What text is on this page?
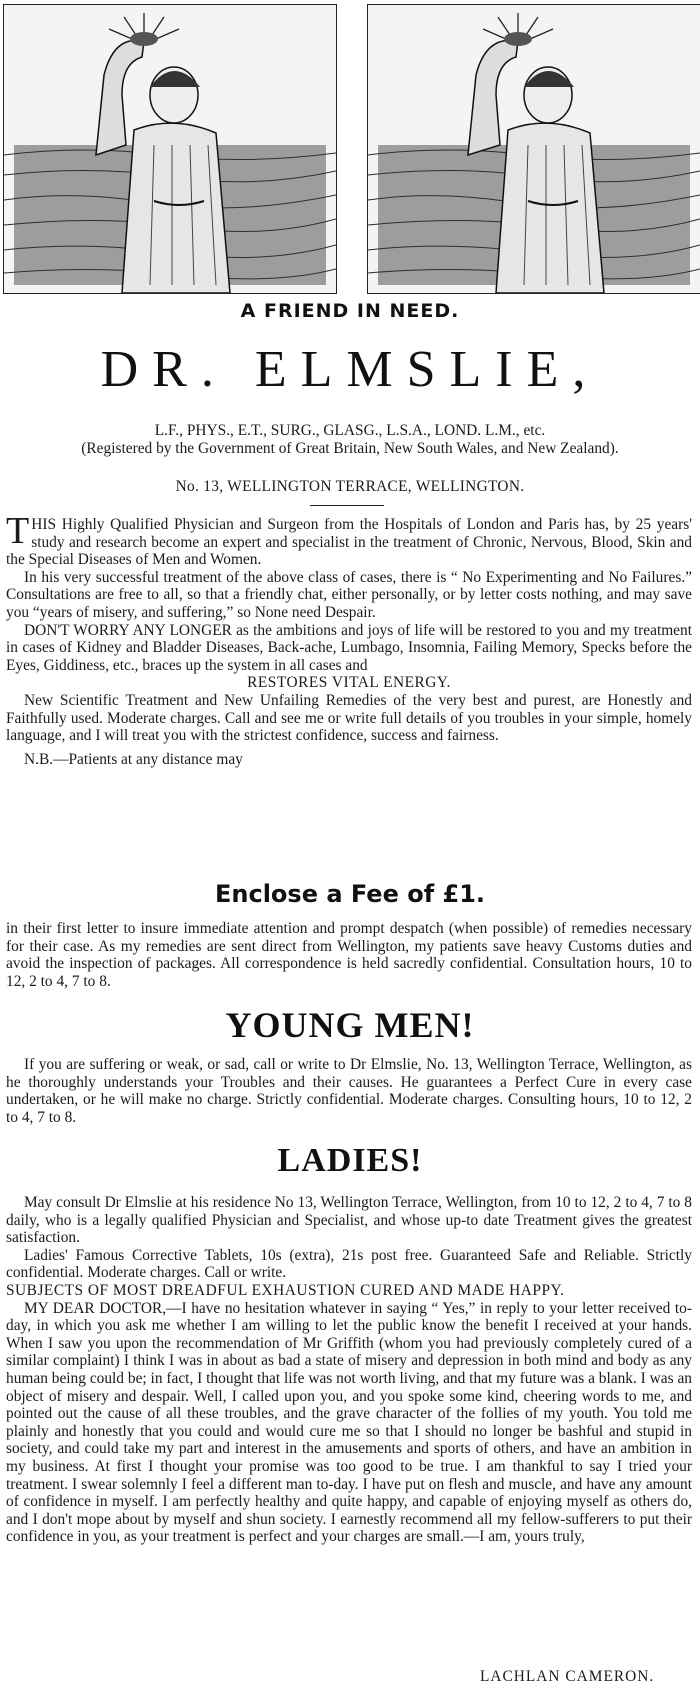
A FRIEND IN NEED.
DR. ELMSLIE,
L.F., PHYS., E.T., SURG., GLASG., L.S.A., LOND. L.M., etc.
(Registered by the Government of Great Britain, New South Wales, and New Zealand).
No. 13, WELLINGTON TERRACE, WELLINGTON.

THIS Highly Qualified Physician and Surgeon from the Hospitals of London and Paris has, by 25 years' study and research become an expert and specialist in the treatment of Chronic, Nervous, Blood, Skin and the Special Diseases of Men and Women.

In his very successful treatment of the above class of cases, there is “ No Experimenting and No Failures.” Consultations are free to all, so that a friendly chat, either personally, or by letter costs nothing, and may save you “years of misery, and suffering,” so None need Despair.

DON'T WORRY ANY LONGER as the ambitions and joys of life will be restored to you and my treatment in cases of Kidney and Bladder Diseases, Back-ache, Lumbago, Insomnia, Failing Memory, Specks before the Eyes, Giddiness, etc., braces up the system in all cases and

RESTORES VITAL ENERGY.

New Scientific Treatment and New Unfailing Remedies of the very best and purest, are Honestly and Faithfully used. Moderate charges. Call and see me or write full details of you troubles in your simple, homely language, and I will treat you with the strictest confidence, success and fairness.

N.B.—Patients at any distance may

Enclose a Fee of £1.

in their first letter to insure immediate attention and prompt despatch (when possible) of remedies necessary for their case. As my remedies are sent direct from Wellington, my patients save heavy Customs duties and avoid the inspection of packages. All correspondence is held sacredly confidential. Consultation hours, 10 to 12, 2 to 4, 7 to 8.

YOUNG MEN!

If you are suffering or weak, or sad, call or write to Dr Elmslie, No. 13, Wellington Terrace, Wellington, as he thoroughly understands your Troubles and their causes. He guarantees a Perfect Cure in every case undertaken, or he will make no charge. Strictly confidential. Moderate charges. Consulting hours, 10 to 12, 2 to 4, 7 to 8.

LADIES!

May consult Dr Elmslie at his residence No 13, Wellington Terrace, Wellington, from 10 to 12, 2 to 4, 7 to 8 daily, who is a legally qualified Physician and Specialist, and whose up-to date Treatment gives the greatest satisfaction.

Ladies' Famous Corrective Tablets, 10s (extra), 21s post free. Guaranteed Safe and Reliable. Strictly confidential. Moderate charges. Call or write.

SUBJECTS OF MOST DREADFUL EXHAUSTION CURED AND MADE HAPPY.

MY DEAR DOCTOR,—I have no hesitation whatever in saying “ Yes,” in reply to your letter received to-day, in which you ask me whether I am willing to let the public know the benefit I received at your hands. When I saw you upon the recommendation of Mr Griffith (whom you had previously completely cured of a similar complaint) I think I was in about as bad a state of misery and depression in both mind and body as any human being could be; in fact, I thought that life was not worth living, and that my future was a blank. I was an object of misery and despair. Well, I called upon you, and you spoke some kind, cheering words to me, and pointed out the cause of all these troubles, and the grave character of the follies of my youth. You told me plainly and honestly that you could and would cure me so that I should no longer be bashful and stupid in society, and could take my part and interest in the amusements and sports of others, and have an ambition in my business. At first I thought your promise was too good to be true. I am thankful to say I tried your treatment. I swear solemnly I feel a different man to-day. I have put on flesh and muscle, and have any amount of confidence in myself. I am perfectly healthy and quite happy, and capable of enjoying myself as others do, and I don't mope about by myself and shun society. I earnestly recommend all my fellow-sufferers to put their confidence in you, as your treatment is perfect and your charges are small.—I am, yours truly,

LACHLAN CAMERON.
